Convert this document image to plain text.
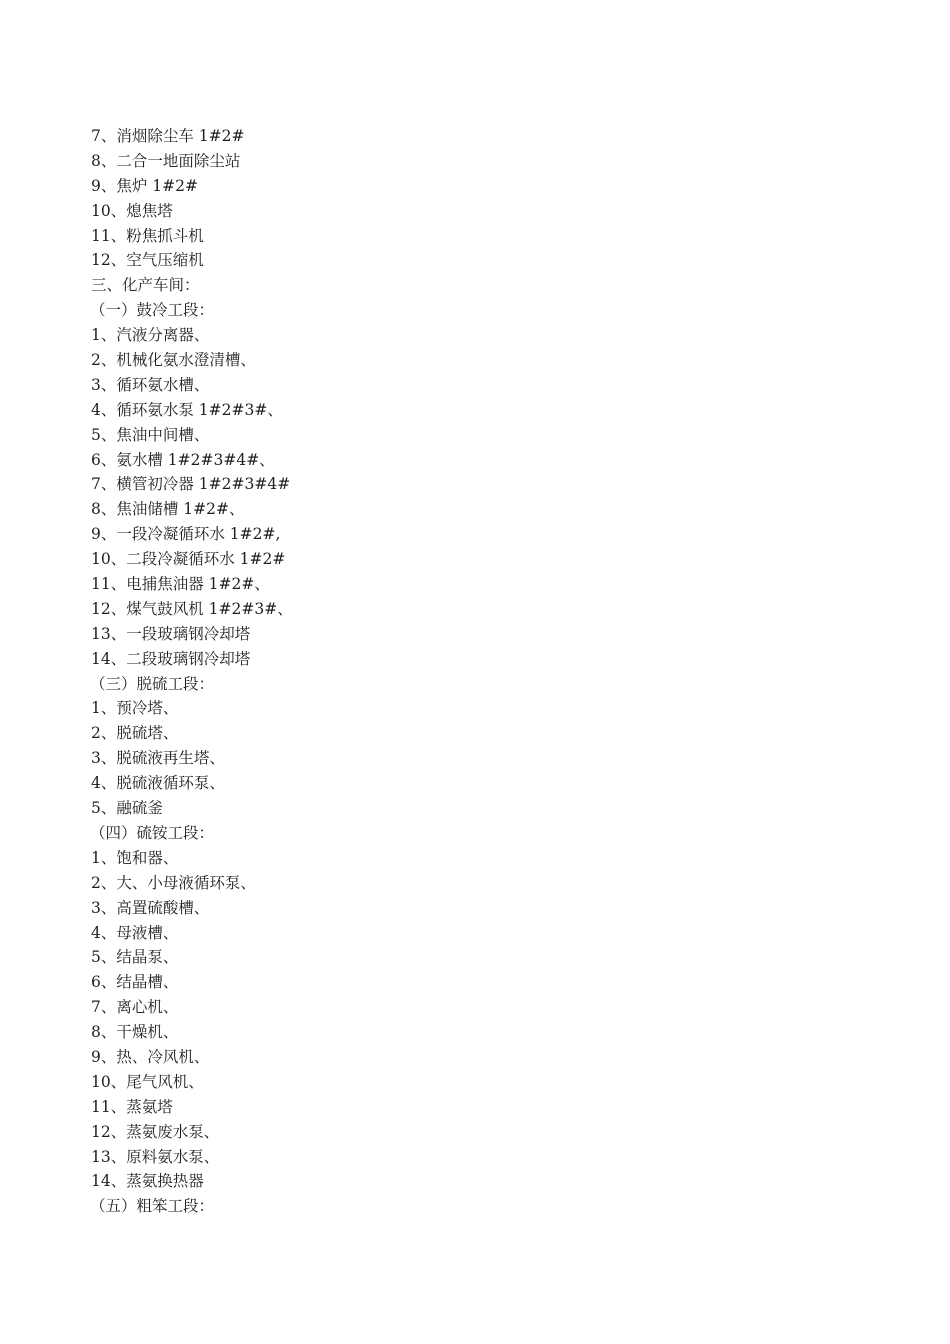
7、消烟除尘车 1#2#
8、二合一地面除尘站
9、焦炉 1#2#
10、熄焦塔
11、粉焦抓斗机
12、空气压缩机
三、化产车间：
（一）鼓冷工段：
1、汽液分离器、
2、机械化氨水澄清槽、
3、循环氨水槽、
4、循环氨水泵 1#2#3#、
5、焦油中间槽、
6、氨水槽 1#2#3#4#、
7、横管初冷器 1#2#3#4#
8、焦油储槽 1#2#、
9、一段冷凝循环水 1#2#,
10、二段冷凝循环水 1#2#
11、电捕焦油器 1#2#、
12、煤气鼓风机 1#2#3#、
13、一段玻璃钢冷却塔
14、二段玻璃钢冷却塔
（三）脱硫工段：
1、预冷塔、
2、脱硫塔、
3、脱硫液再生塔、
4、脱硫液循环泵、
5、融硫釜
（四）硫铵工段：
1、饱和器、
2、大、小母液循环泵、
3、高置硫酸槽、
4、母液槽、
5、结晶泵、
6、结晶槽、
7、离心机、
8、干燥机、
9、热、冷风机、
10、尾气风机、
11、蒸氨塔
12、蒸氨废水泵、
13、原料氨水泵、
14、蒸氨换热器
（五）粗笨工段：
